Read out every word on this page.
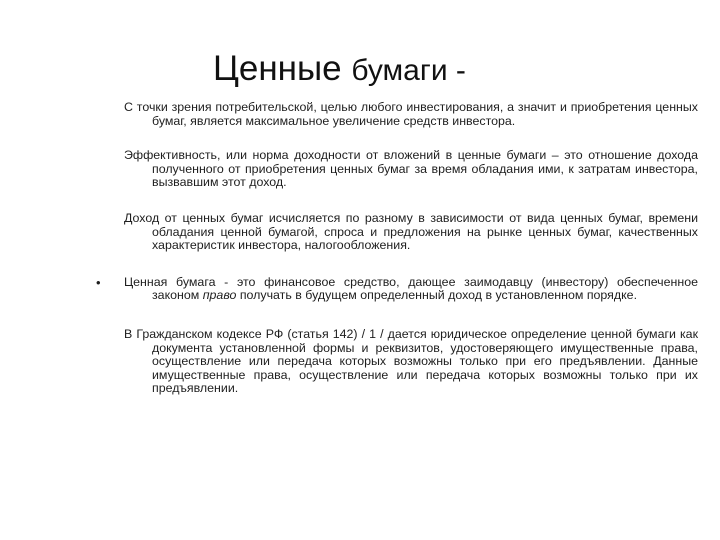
Ценные бумаги -

С точки зрения потребительской, целью любого инвестирования, а значит и приобретения ценных бумаг, является максимальное увеличение средств инвестора.

Эффективность, или норма доходности от вложений в ценные бумаги – это отношение дохода полученного от приобретения ценных бумаг за время обладания ими, к затратам инвестора, вызвавшим этот доход.

Доход от ценных бумаг исчисляется по разному в зависимости от вида ценных бумаг, времени обладания ценной бумагой, спроса и предложения на рынке ценных бумаг, качественных характеристик инвестора, налогообложения.

•	Ценная бумага - это финансовое средство, дающее заимодавцу (инвестору) обеспеченное законом право получать в будущем определенный доход в установленном порядке.

В Гражданском кодексе РФ (статья 142) / 1 / дается юридическое определение ценной бумаги как документа установленной формы и реквизитов, удостоверяющего имущественные права, осуществление или передача которых возможны только при его предъявлении. Данные имущественные права, осуществление или передача которых возможны только при их предъявлении.
